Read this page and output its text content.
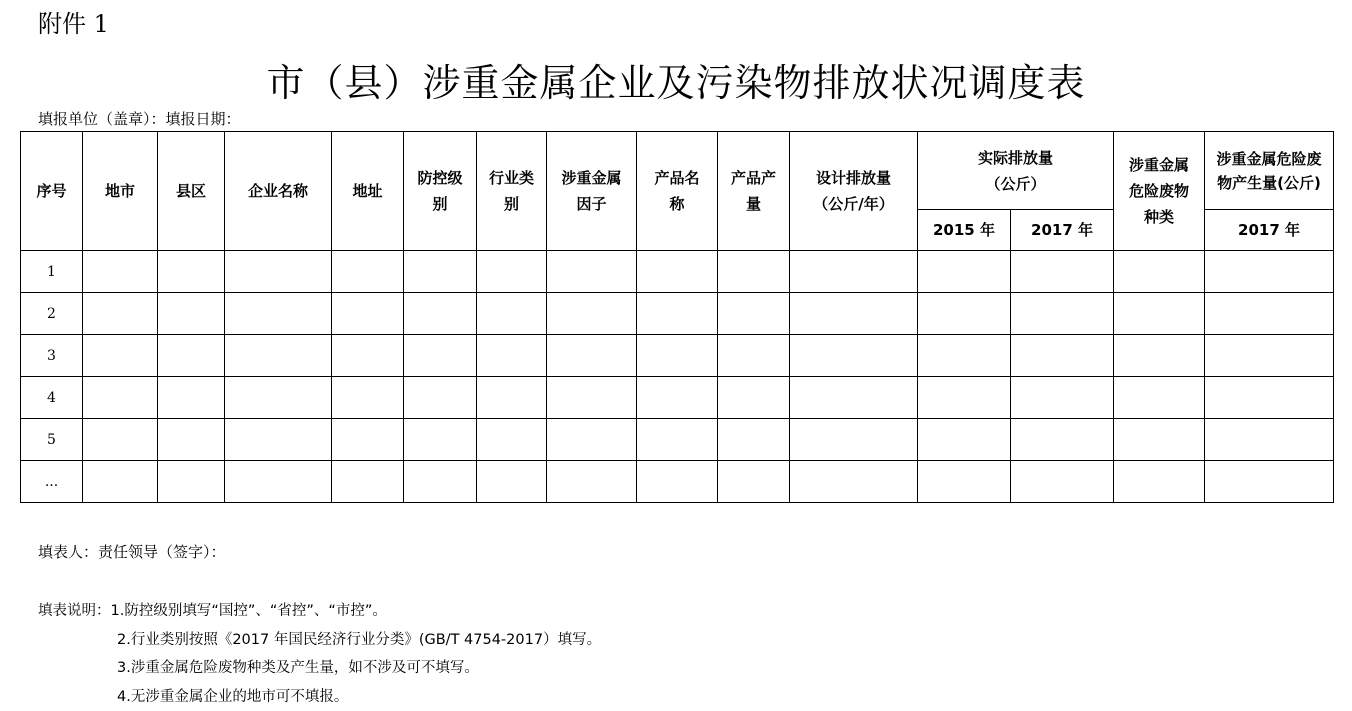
附件 1
市（县）涉重金属企业及污染物排放状况调度表
填报单位（盖章）：填报日期：
序号	地市	县区	企业名称	地址	防控级别	行业类别	涉重金属因子	产品名称	产品产量	设计排放量（公斤/年）	实际排放量（公斤）		涉重金属危险废物种类	涉重金属危险废物产生量(公斤)
											2015 年	2017 年		2017 年
1														
2														
3														
4														
5														
...														
填表人：责任领导（签字）：
填表说明：1.防控级别填写“国控”、“省控”、“市控”。
2.行业类别按照《2017 年国民经济行业分类》(GB/T 4754-2017）填写。
3.涉重金属危险废物种类及产生量，如不涉及可不填写。
4.无涉重金属企业的地市可不填报。
